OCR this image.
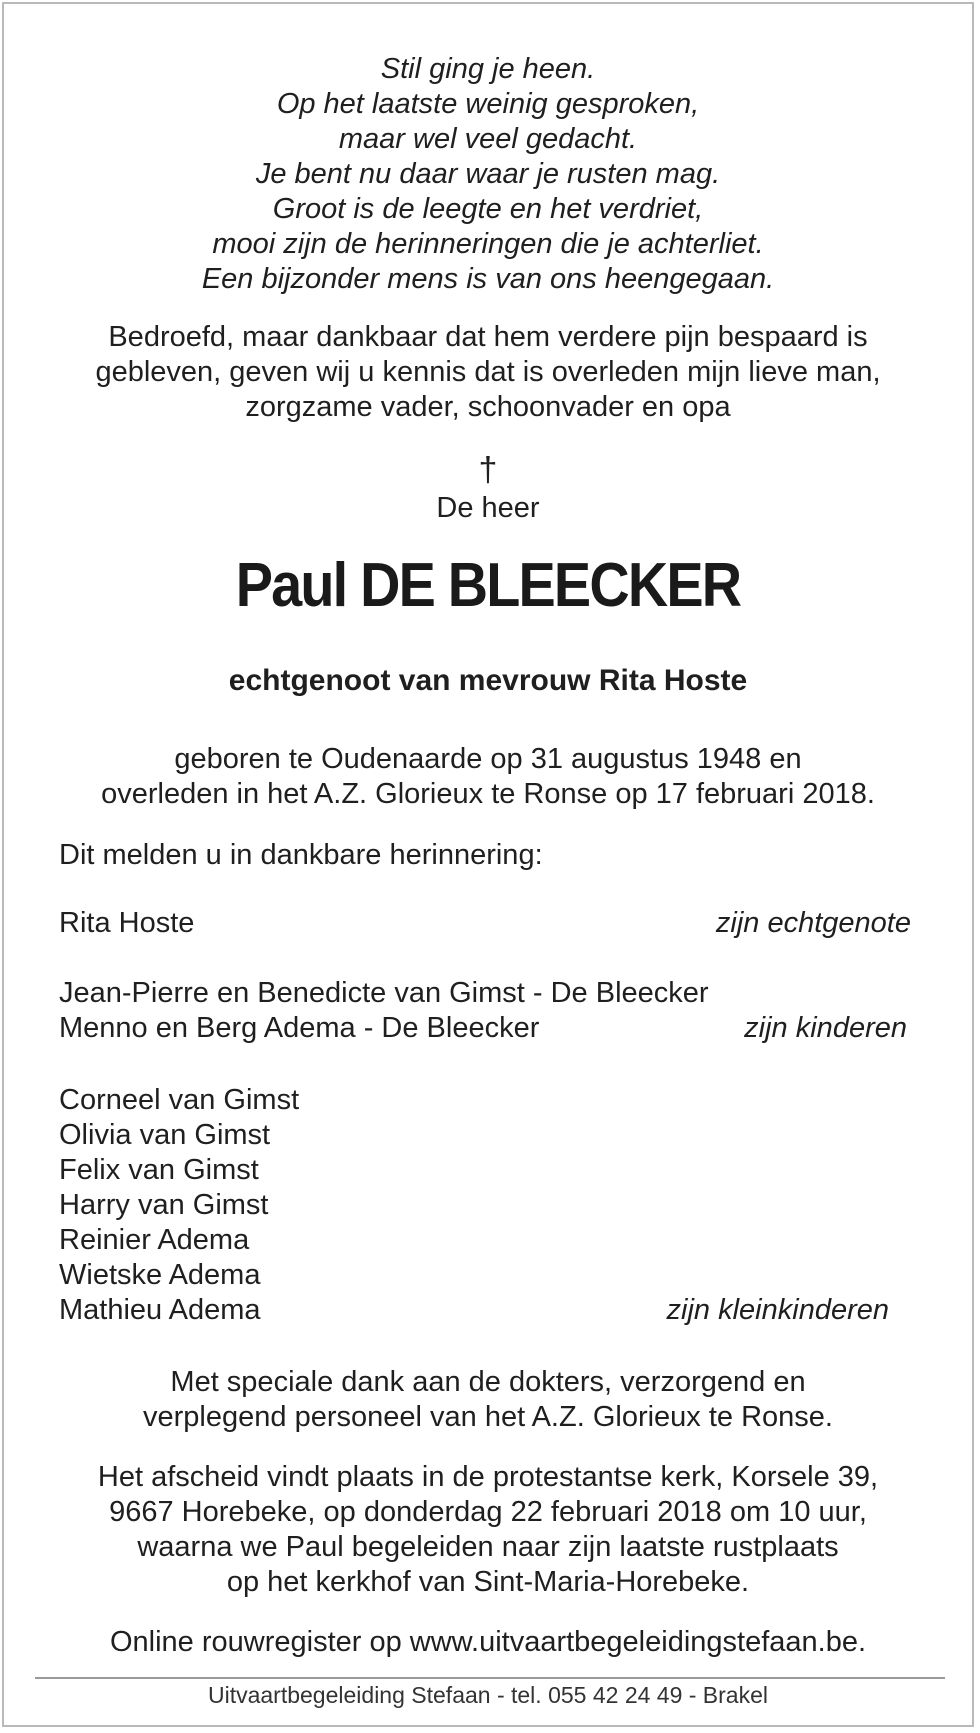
Stil ging je heen.
Op het laatste weinig gesproken,
maar wel veel gedacht.
Je bent nu daar waar je rusten mag.
Groot is de leegte en het verdriet,
mooi zijn de herinneringen die je achterliet.
Een bijzonder mens is van ons heengegaan.
Bedroefd, maar dankbaar dat hem verdere pijn bespaard is
gebleven, geven wij u kennis dat is overleden mijn lieve man,
zorgzame vader, schoonvader en opa
†
De heer
Paul DE BLEECKER
echtgenoot van mevrouw Rita Hoste
geboren te Oudenaarde op 31 augustus 1948 en
overleden in het A.Z. Glorieux te Ronse op 17 februari 2018.
Dit melden u in dankbare herinnering:
Rita Hoste	zijn echtgenote
Jean-Pierre en Benedicte van Gimst - De Bleecker
Menno en Berg Adema - De Bleecker	zijn kinderen
Corneel van Gimst
Olivia van Gimst
Felix van Gimst
Harry van Gimst
Reinier Adema
Wietske Adema
Mathieu Adema	zijn kleinkinderen
Met speciale dank aan de dokters, verzorgend en
verplegend personeel van het A.Z. Glorieux te Ronse.
Het afscheid vindt plaats in de protestantse kerk, Korsele 39,
9667 Horebeke, op donderdag 22 februari 2018 om 10 uur,
waarna we Paul begeleiden naar zijn laatste rustplaats
op het kerkhof van Sint-Maria-Horebeke.
Online rouwregister op www.uitvaartbegeleidingstefaan.be.
Uitvaartbegeleiding Stefaan - tel. 055 42 24 49 - Brakel
